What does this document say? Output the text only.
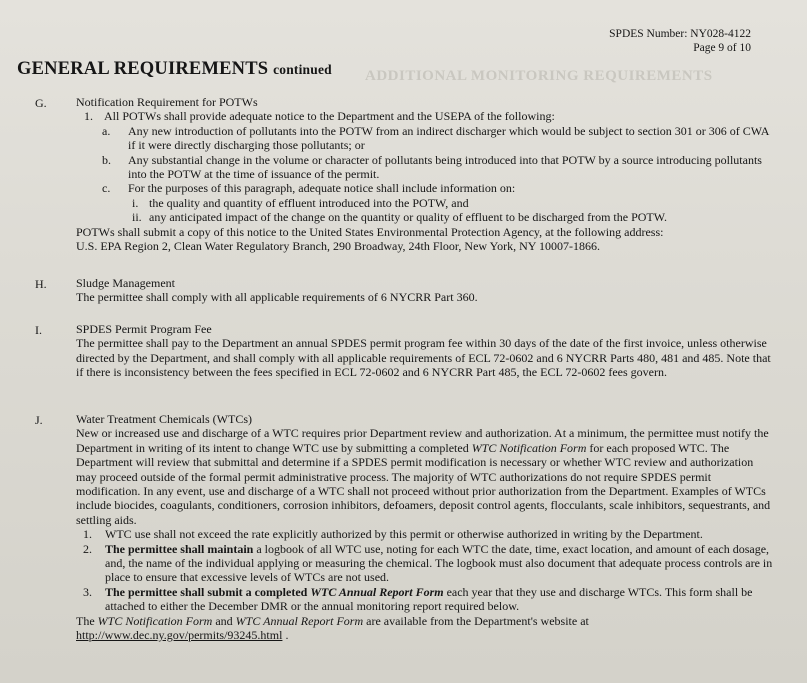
ADDITIONAL MONITORING REQUIREMENTS
SPDES Number: NY028-4122
Page 9 of 10
GENERAL REQUIREMENTS continued
G. Notification Requirement for POTWs
1. All POTWs shall provide adequate notice to the Department and the USEPA of the following:
a.	Any new introduction of pollutants into the POTW from an indirect discharger which would be subject to section 301 or 306 of CWA if it were directly discharging those pollutants; or
b.	Any substantial change in the volume or character of pollutants being introduced into that POTW by a source introducing pollutants into the POTW at the time of issuance of the permit.
c.	For the purposes of this paragraph, adequate notice shall include information on:
i. the quality and quantity of effluent introduced into the POTW, and
ii. any anticipated impact of the change on the quantity or quality of effluent to be discharged from the POTW.

POTWs shall submit a copy of this notice to the United States Environmental Protection Agency, at the following address:

U.S. EPA Region 2, Clean Water Regulatory Branch, 290 Broadway, 24th Floor, New York, NY 10007-1866.

H. Sludge Management

The permittee shall comply with all applicable requirements of 6 NYCRR Part 360.

I.	SPDES Permit Program Fee

The permittee shall pay to the Department an annual SPDES permit program fee within 30 days of the date of the first invoice, unless otherwise directed by the Department, and shall comply with all applicable requirements of ECL 72-0602 and 6 NYCRR Parts 480, 481 and 485. Note that if there is inconsistency between the fees specified in ECL 72-0602 and 6 NYCRR Part 485, the ECL 72-0602 fees govern.

J.	Water Treatment Chemicals (WTCs)

New or increased use and discharge of a WTC requires prior Department review and authorization. At a minimum, the permittee must notify the Department in writing of its intent to change WTC use by submitting a completed WTC Notification Form for each proposed WTC. The Department will review that submittal and determine if a SPDES permit modification is necessary or whether WTC review and authorization may proceed outside of the formal permit administrative process. The majority of WTC authorizations do not require SPDES permit modification. In any event, use and discharge of a WTC shall not proceed without prior authorization from the Department. Examples of WTCs include biocides, coagulants, conditioners, corrosion inhibitors, defoamers, deposit control agents, flocculants, scale inhibitors, sequestrants, and settling aids.

1.	WTC use shall not exceed the rate explicitly authorized by this permit or otherwise authorized in writing by the Department.
2.	The permittee shall maintain a logbook of all WTC use, noting for each WTC the date, time, exact location, and amount of each dosage, and, the name of the individual applying or measuring the chemical. The logbook must also document that adequate process controls are in place to ensure that excessive levels of WTCs are not used.
3.	The permittee shall submit a completed WTC Annual Report Form each year that they use and discharge WTCs. This form shall be attached to either the December DMR or the annual monitoring report required below.

The WTC Notification Form and WTC Annual Report Form are available from the Department's website at

http://www.dec.ny.gov/permits/93245.html .
